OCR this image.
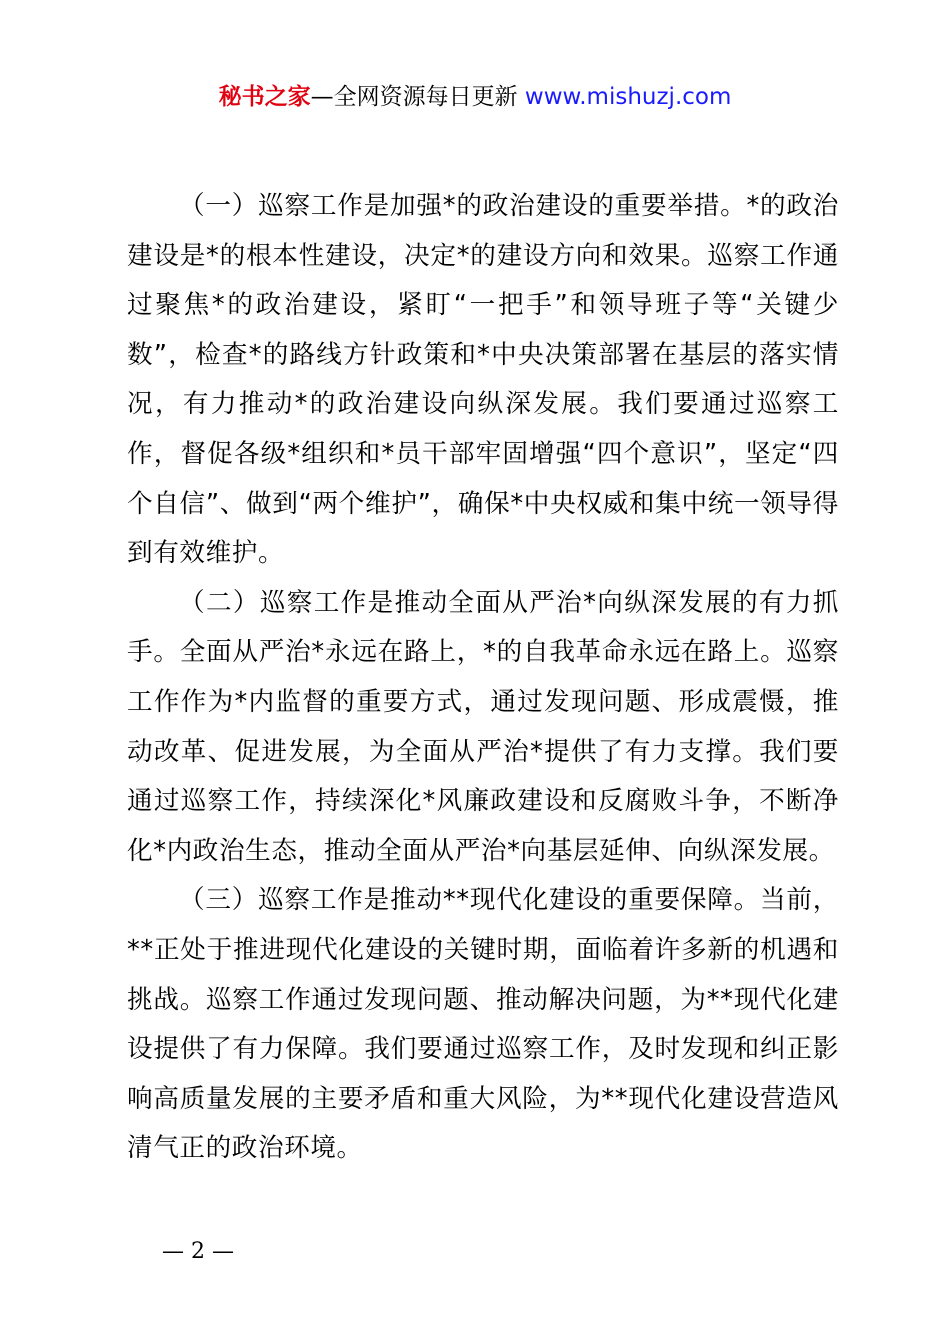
秘书之家—全网资源每日更新 www.mishuzj.com

（一）巡察工作是加强*的政治建设的重要举措。*的政治建设是*的根本性建设，决定*的建设方向和效果。巡察工作通过聚焦*的政治建设，紧盯“一把手”和领导班子等“关键少数”，检查*的路线方针政策和*中央决策部署在基层的落实情况，有力推动*的政治建设向纵深发展。我们要通过巡察工作，督促各级*组织和*员干部牢固增强“四个意识”，坚定“四个自信”、做到“两个维护”，确保*中央权威和集中统一领导得到有效维护。

（二）巡察工作是推动全面从严治*向纵深发展的有力抓手。全面从严治*永远在路上，*的自我革命永远在路上。巡察工作作为*内监督的重要方式，通过发现问题、形成震慑，推动改革、促进发展，为全面从严治*提供了有力支撑。我们要通过巡察工作，持续深化*风廉政建设和反腐败斗争，不断净化*内政治生态，推动全面从严治*向基层延伸、向纵深发展。

（三）巡察工作是推动**现代化建设的重要保障。当前，**正处于推进现代化建设的关键时期，面临着许多新的机遇和挑战。巡察工作通过发现问题、推动解决问题，为**现代化建设提供了有力保障。我们要通过巡察工作，及时发现和纠正影响高质量发展的主要矛盾和重大风险，为**现代化建设营造风清气正的政治环境。

— 2 —
